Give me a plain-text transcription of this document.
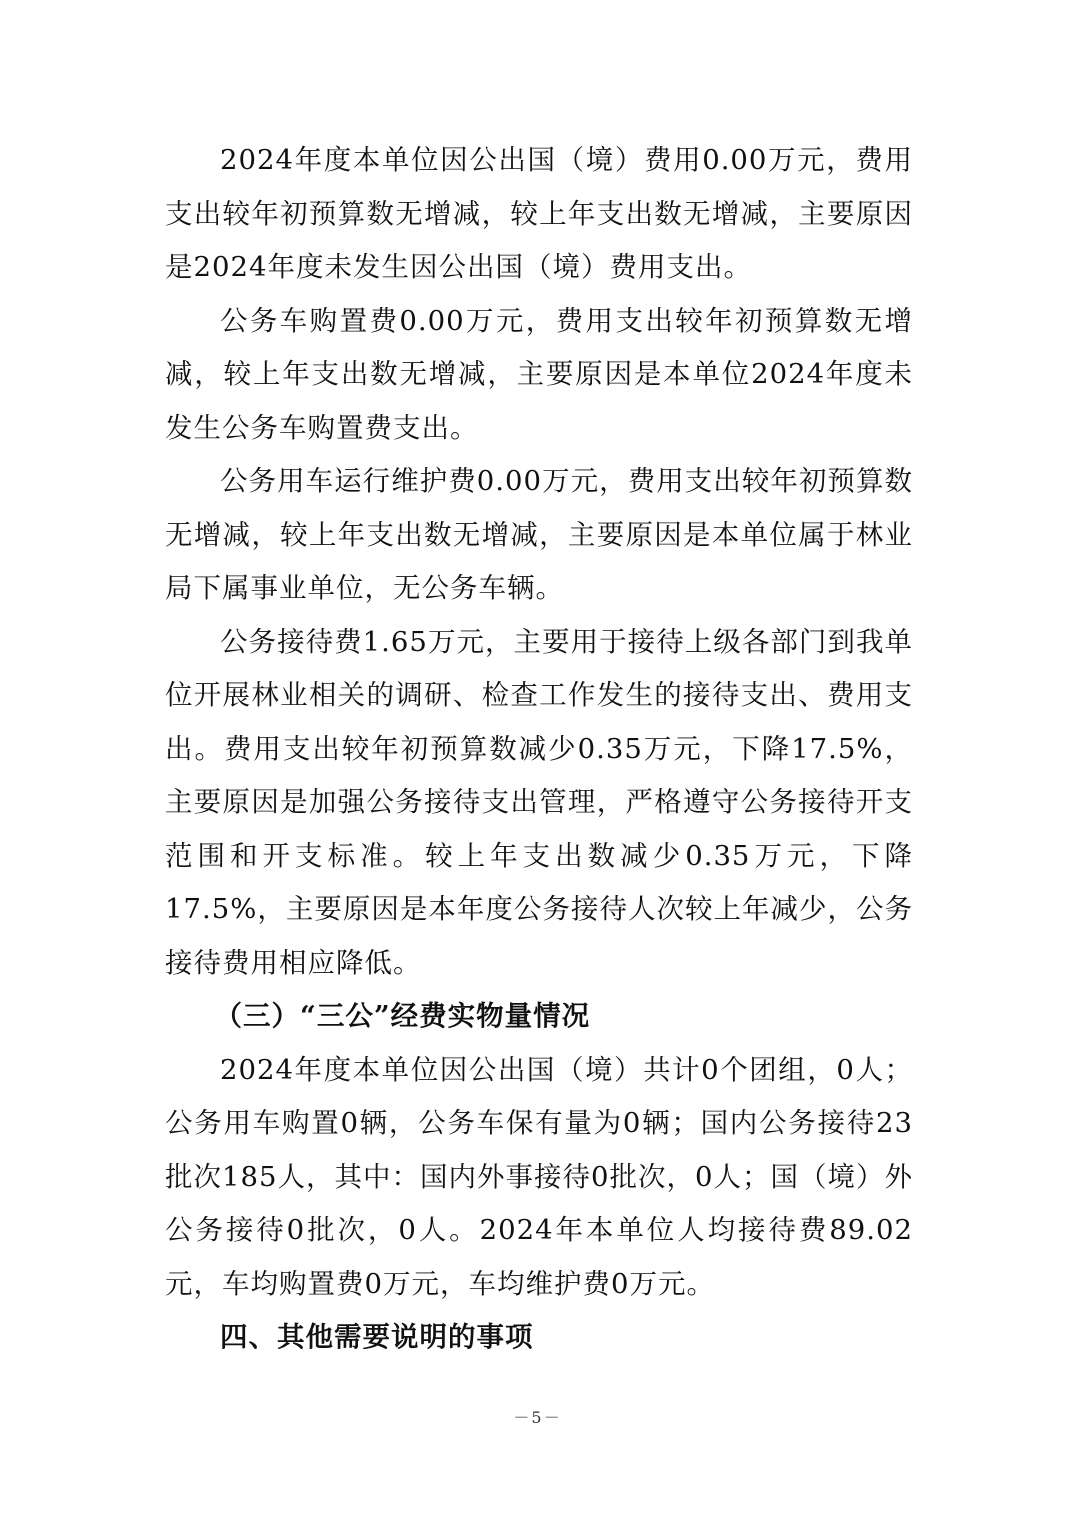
2024年度本单位因公出国（境）费用0.00万元，费用支出较年初预算数无增减，较上年支出数无增减，主要原因是2024年度未发生因公出国（境）费用支出。

公务车购置费0.00万元，费用支出较年初预算数无增减，较上年支出数无增减，主要原因是本单位2024年度未发生公务车购置费支出。

公务用车运行维护费0.00万元，费用支出较年初预算数无增减，较上年支出数无增减，主要原因是本单位属于林业局下属事业单位，无公务车辆。

公务接待费1.65万元，主要用于接待上级各部门到我单位开展林业相关的调研、检查工作发生的接待支出、费用支出。费用支出较年初预算数减少0.35万元，下降17.5%，主要原因是加强公务接待支出管理，严格遵守公务接待开支范围和开支标准。较上年支出数减少0.35万元，下降17.5%，主要原因是本年度公务接待人次较上年减少，公务接待费用相应降低。

（三）“三公”经费实物量情况

2024年度本单位因公出国（境）共计0个团组，0人；公务用车购置0辆，公务车保有量为0辆；国内公务接待23批次185人，其中：国内外事接待0批次，0人；国（境）外公务接待0批次，0人。2024年本单位人均接待费89.02元，车均购置费0万元，车均维护费0万元。

四、其他需要说明的事项

－5－
